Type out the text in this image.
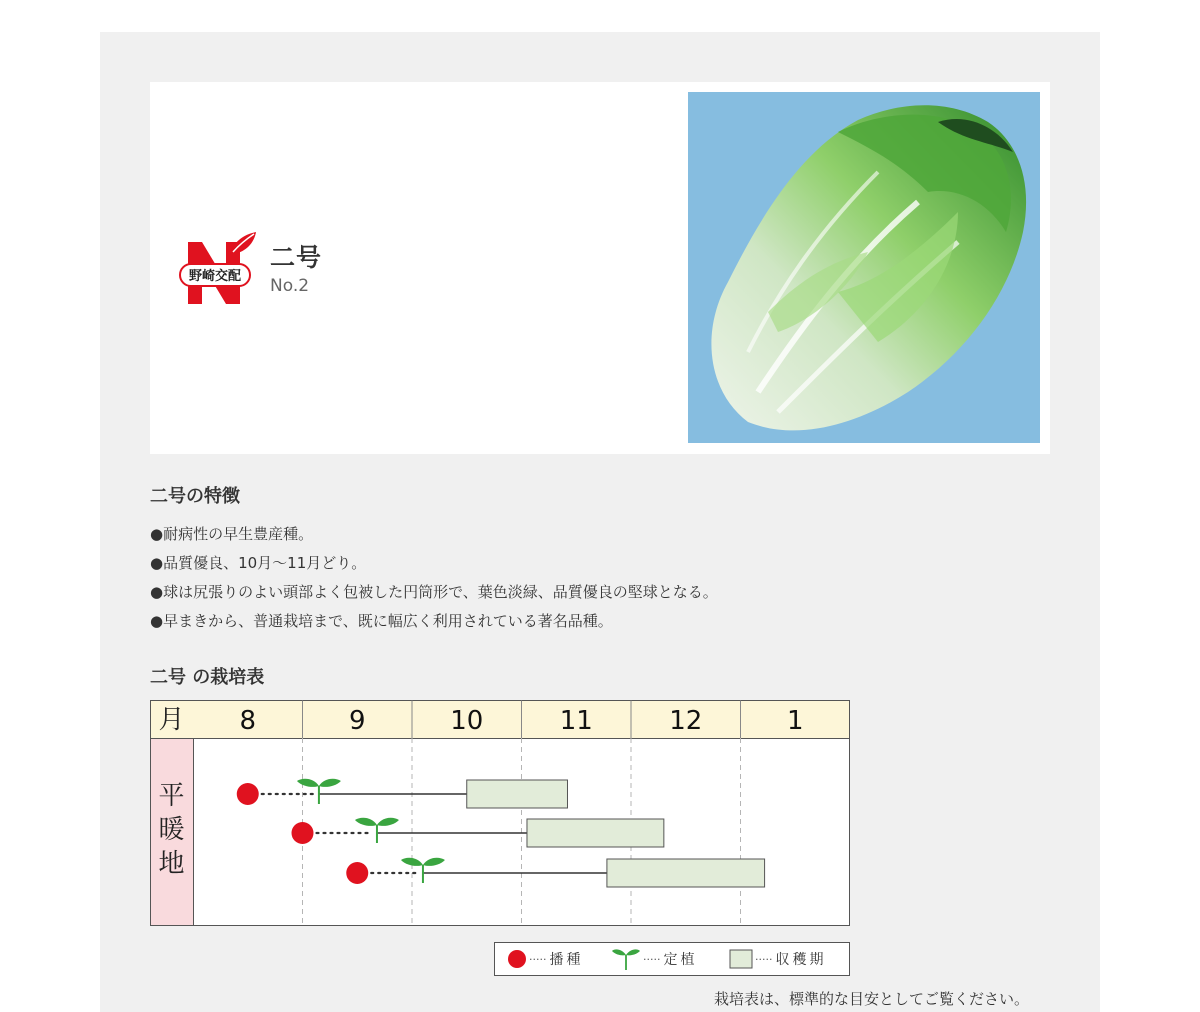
野崎交配
二号
No.2
二号の特徴
●耐病性の早生豊産種。
●品質優良、10月〜11月どり。
●球は尻張りのよい頭部よく包被した円筒形で、葉色淡緑、品質優良の堅球となる。
●早まきから、普通栽培まで、既に幅広く利用されている著名品種。
二号 の栽培表
月 8	9	10	11	12	1
平
暖
地
····· 播種	····· 定植	····· 収穫期
栽培表は、標準的な目安としてご覧ください。
